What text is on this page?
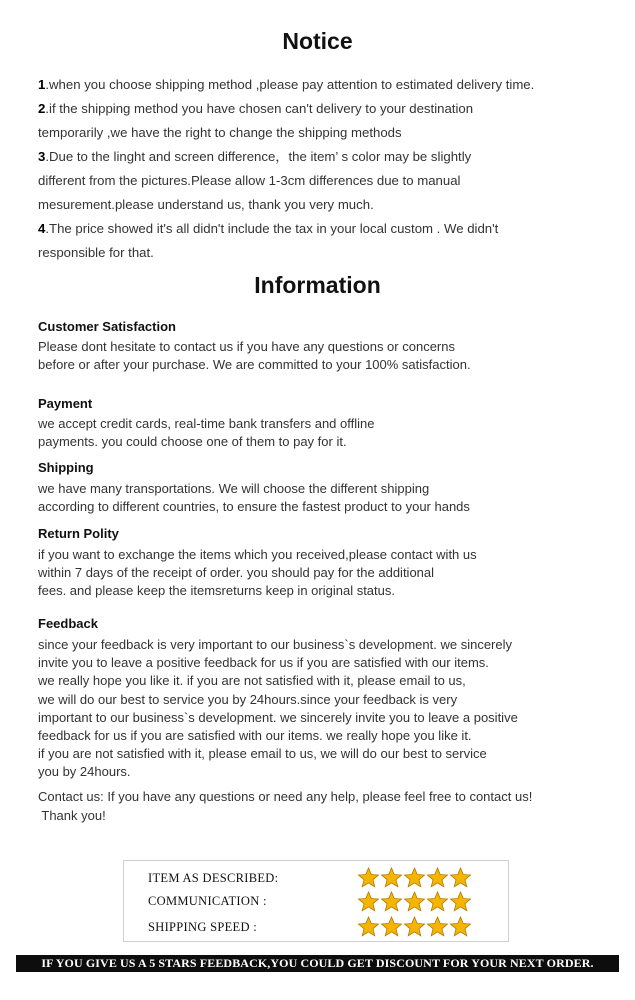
Notice
1.when you choose shipping method ,please pay attention to estimated delivery time.
2.if the shipping method you have chosen can't delivery to your destination
temporarily ,we have the right to change the shipping methods
3.Due to the linght and screen difference，the item’ s color may be slightly
different from the pictures.Please allow 1-3cm differences due to manual
mesurement.please understand us, thank you very much.
4.The price showed it's all didn't include the tax in your local custom . We didn't
responsible for that.
Information
Customer Satisfaction
Please dont hesitate to contact us if you have any questions or concerns
before or after your purchase. We are committed to your 100% satisfaction.
Payment
we accept credit cards, real-time bank transfers and offline
payments. you could choose one of them to pay for it.
Shipping
we have many transportations. We will choose the different shipping
according to different countries, to ensure the fastest product to your hands
Return Polity
if you want to exchange the items which you received,please contact with us
within 7 days of the receipt of order. you should pay for the additional
fees. and please keep the itemsreturns keep in original status.
Feedback
since your feedback is very important to our business`s development. we sincerely
invite you to leave a positive feedback for us if you are satisfied with our items.
we really hope you like it. if you are not satisfied with it, please email to us,
we will do our best to service you by 24hours.since your feedback is very
important to our business`s development. we sincerely invite you to leave a positive
feedback for us if you are satisfied with our items. we really hope you like it.
if you are not satisfied with it, please email to us, we will do our best to service
you by 24hours.
Contact us: If you have any questions or need any help, please feel free to contact us!
Thank you!
ITEM AS DESCRIBED:
COMMUNICATION :
SHIPPING SPEED :
IF YOU GIVE US A 5 STARS FEEDBACK,YOU COULD GET DISCOUNT FOR YOUR NEXT ORDER.
